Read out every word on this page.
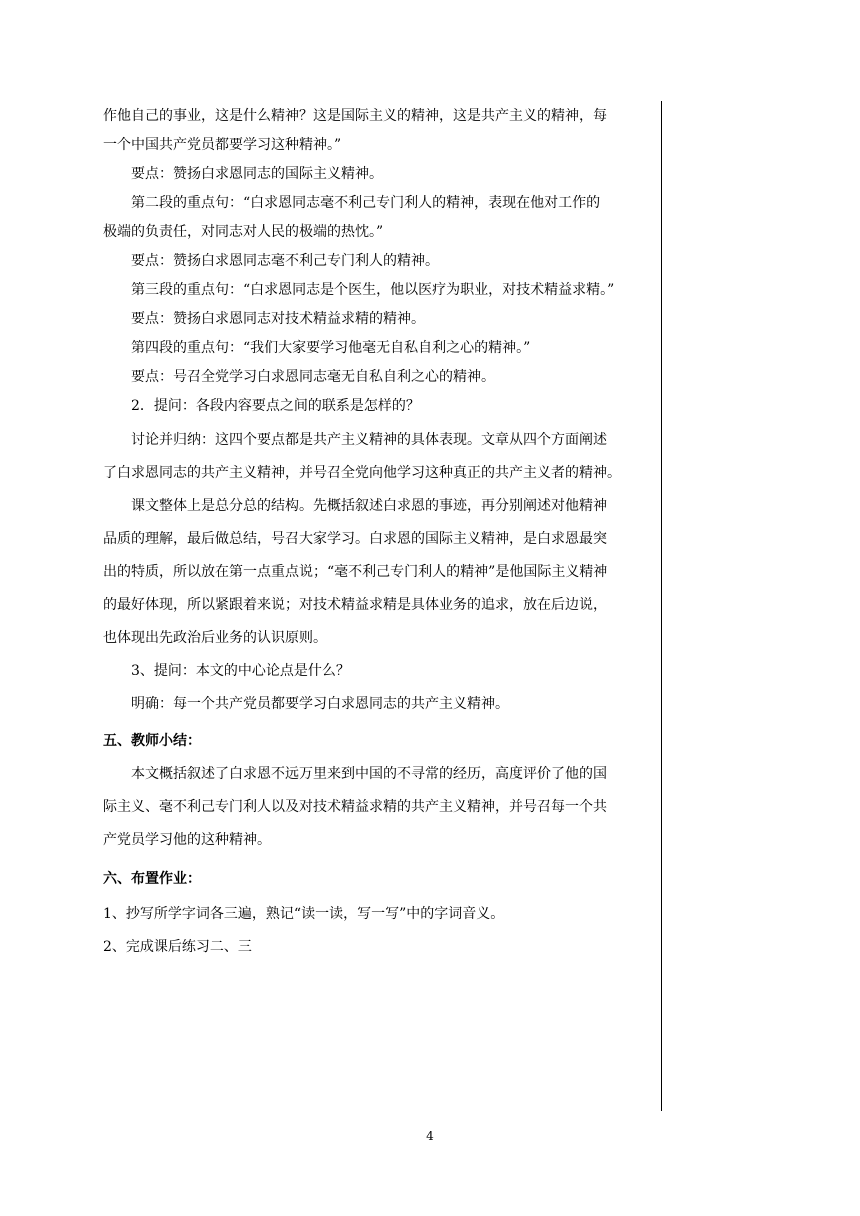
作他自己的事业，这是什么精神？这是国际主义的精神，这是共产主义的精神，每
一个中国共产党员都要学习这种精神。”
要点：赞扬白求恩同志的国际主义精神。
第二段的重点句：“白求恩同志毫不利己专门利人的精神，表现在他对工作的
极端的负责任，对同志对人民的极端的热忱。”
要点：赞扬白求恩同志毫不利己专门利人的精神。
第三段的重点句：“白求恩同志是个医生，他以医疗为职业，对技术精益求精。”
要点：赞扬白求恩同志对技术精益求精的精神。
第四段的重点句：“我们大家要学习他毫无自私自利之心的精神。”
要点：号召全党学习白求恩同志毫无自私自利之心的精神。
2．提问：各段内容要点之间的联系是怎样的？
讨论并归纳：这四个要点都是共产主义精神的具体表现。文章从四个方面阐述
了白求恩同志的共产主义精神，并号召全党向他学习这种真正的共产主义者的精神。
课文整体上是总分总的结构。先概括叙述白求恩的事迹，再分别阐述对他精神
品质的理解，最后做总结，号召大家学习。白求恩的国际主义精神，是白求恩最突
出的特质，所以放在第一点重点说；“毫不利己专门利人的精神”是他国际主义精神
的最好体现，所以紧跟着来说；对技术精益求精是具体业务的追求，放在后边说，
也体现出先政治后业务的认识原则。
3、提问：本文的中心论点是什么？
明确：每一个共产党员都要学习白求恩同志的共产主义精神。
五、教师小结：
本文概括叙述了白求恩不远万里来到中国的不寻常的经历，高度评价了他的国
际主义、毫不利己专门利人以及对技术精益求精的共产主义精神，并号召每一个共
产党员学习他的这种精神。
六、布置作业：
1、抄写所学字词各三遍，熟记“读一读，写一写”中的字词音义。
2、完成课后练习二、三
4
